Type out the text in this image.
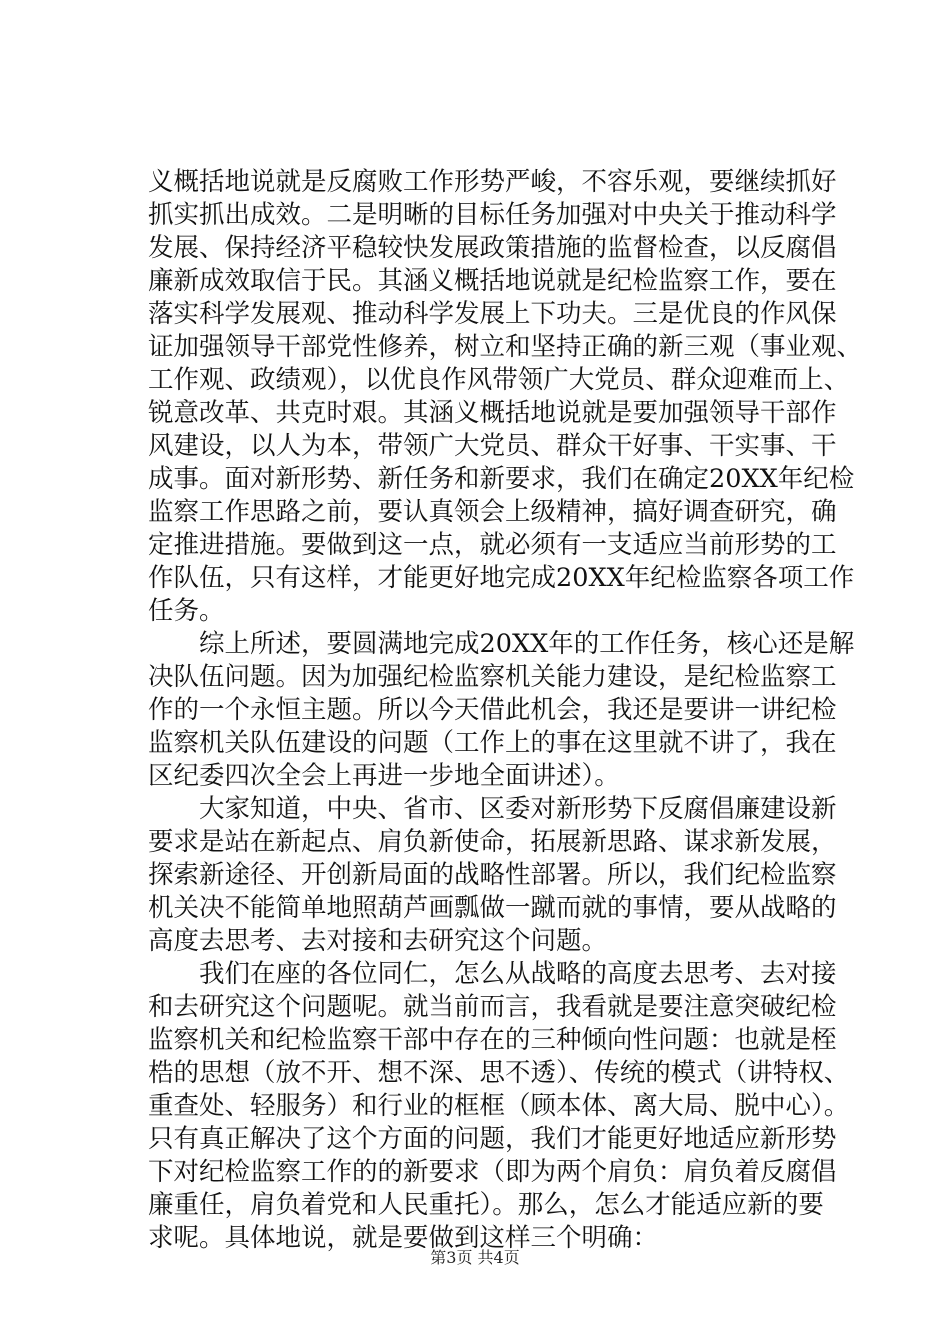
义概括地说就是反腐败工作形势严峻，不容乐观，要继续抓好
抓实抓出成效。二是明晰的目标任务加强对中央关于推动科学
发展、保持经济平稳较快发展政策措施的监督检查，以反腐倡
廉新成效取信于民。其涵义概括地说就是纪检监察工作，要在
落实科学发展观、推动科学发展上下功夫。三是优良的作风保
证加强领导干部党性修养，树立和坚持正确的新三观（事业观、
工作观、政绩观），以优良作风带领广大党员、群众迎难而上、
锐意改革、共克时艰。其涵义概括地说就是要加强领导干部作
风建设，以人为本，带领广大党员、群众干好事、干实事、干
成事。面对新形势、新任务和新要求，我们在确定20XX年纪检
监察工作思路之前，要认真领会上级精神，搞好调查研究，确
定推进措施。要做到这一点，就必须有一支适应当前形势的工
作队伍，只有这样，才能更好地完成20XX年纪检监察各项工作
任务。
　　综上所述，要圆满地完成20XX年的工作任务，核心还是解
决队伍问题。因为加强纪检监察机关能力建设，是纪检监察工
作的一个永恒主题。所以今天借此机会，我还是要讲一讲纪检
监察机关队伍建设的问题（工作上的事在这里就不讲了，我在
区纪委四次全会上再进一步地全面讲述）。
　　大家知道，中央、省市、区委对新形势下反腐倡廉建设新
要求是站在新起点、肩负新使命，拓展新思路、谋求新发展，
探索新途径、开创新局面的战略性部署。所以，我们纪检监察
机关决不能简单地照葫芦画瓢做一蹴而就的事情，要从战略的
高度去思考、去对接和去研究这个问题。
　　我们在座的各位同仁，怎么从战略的高度去思考、去对接
和去研究这个问题呢。就当前而言，我看就是要注意突破纪检
监察机关和纪检监察干部中存在的三种倾向性问题：也就是桎
梏的思想（放不开、想不深、思不透）、传统的模式（讲特权、
重查处、轻服务）和行业的框框（顾本体、离大局、脱中心）。
只有真正解决了这个方面的问题，我们才能更好地适应新形势
下对纪检监察工作的的新要求（即为两个肩负：肩负着反腐倡
廉重任，肩负着党和人民重托）。那么，怎么才能适应新的要
求呢。具体地说，就是要做到这样三个明确：
第3页 共4页
